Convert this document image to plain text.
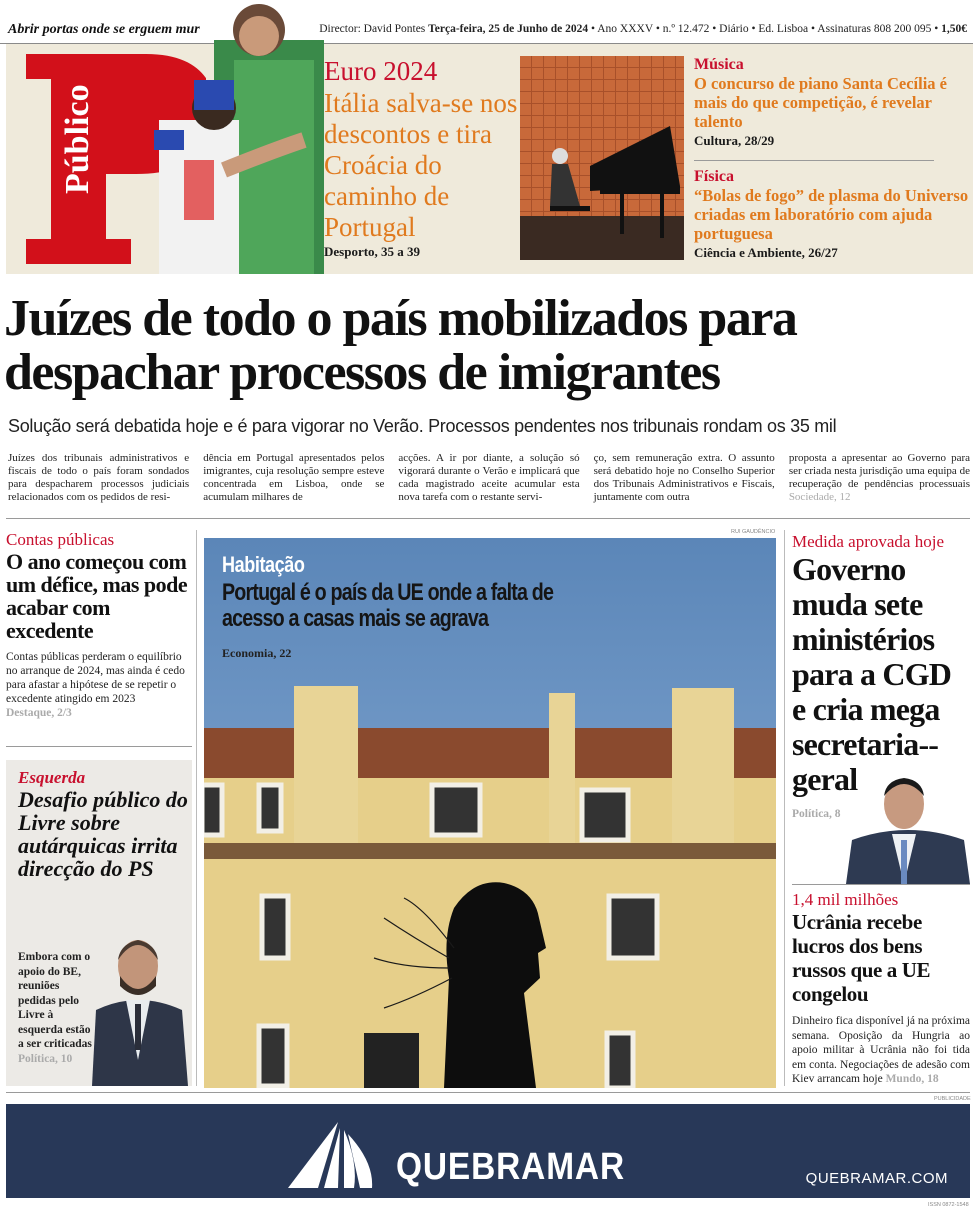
Abrir portas onde se erguem mur	Director: David Pontes Terça-feira, 25 de Junho de 2024 • Ano XXXV • n.º 12.472 • Diário • Ed. Lisboa • Assinaturas 808 200 095 • 1,50€
Público
Euro 2024
Itália salva-se nos descontos e tira Croácia do caminho de Portugal
Desporto, 35 a 39
Música
O concurso de piano Santa Cecília é mais do que competição, é revelar talento
Cultura, 28/29
Física
“Bolas de fogo” de plasma do Universo criadas em laboratório com ajuda portuguesa
Ciência e Ambiente, 26/27
Juízes de todo o país mobilizados para despachar processos de imigrantes
Solução será debatida hoje e é para vigorar no Verão. Processos pendentes nos tribunais rondam os 35 mil
Juízes dos tribunais administrativos e fiscais de todo o país foram sondados para despacharem processos judiciais relacionados com os pedidos de resi-
dência em Portugal apresentados pelos imigrantes, cuja resolução sempre esteve concentrada em Lisboa, onde se acumulam milhares de
acções. A ir por diante, a solução só vigorará durante o Verão e implicará que cada magistrado aceite acumular esta nova tarefa com o restante servi-
ço, sem remuneração extra. O assunto será debatido hoje no Conselho Superior dos Tribunais Administrativos e Fiscais, juntamente com outra
proposta a apresentar ao Governo para ser criada nesta jurisdição uma equipa de recuperação de pendências processuais Sociedade, 12
Contas públicas
O ano começou com um défice, mas pode acabar com excedente
Contas públicas perderam o equilíbrio no arranque de 2024, mas ainda é cedo para afastar a hipótese de se repetir o excedente atingido em 2023
Destaque, 2/3
Esquerda
Desafio público do Livre sobre autárquicas irrita direcção do PS
Embora com o apoio do BE, reuniões pedidas pelo Livre à esquerda estão a ser criticadas
Política, 10
RUI GAUDÊNCIO
Habitação
Portugal é o país da UE onde a falta de acesso a casas mais se agrava
Economia, 22
Medida aprovada hoje
Governo muda sete ministérios para a CGD e cria mega secretaria--geral
Política, 8
1,4 mil milhões
Ucrânia recebe lucros dos bens russos que a UE congelou
Dinheiro fica disponível já na próxima semana. Oposição da Hungria ao apoio militar à Ucrânia não foi tida em conta. Negociações de adesão com Kiev arrancam hoje Mundo, 18
PUBLICIDADE
QUEBRAMAR	QUEBRAMAR.COM
ISSN 0872-1548
